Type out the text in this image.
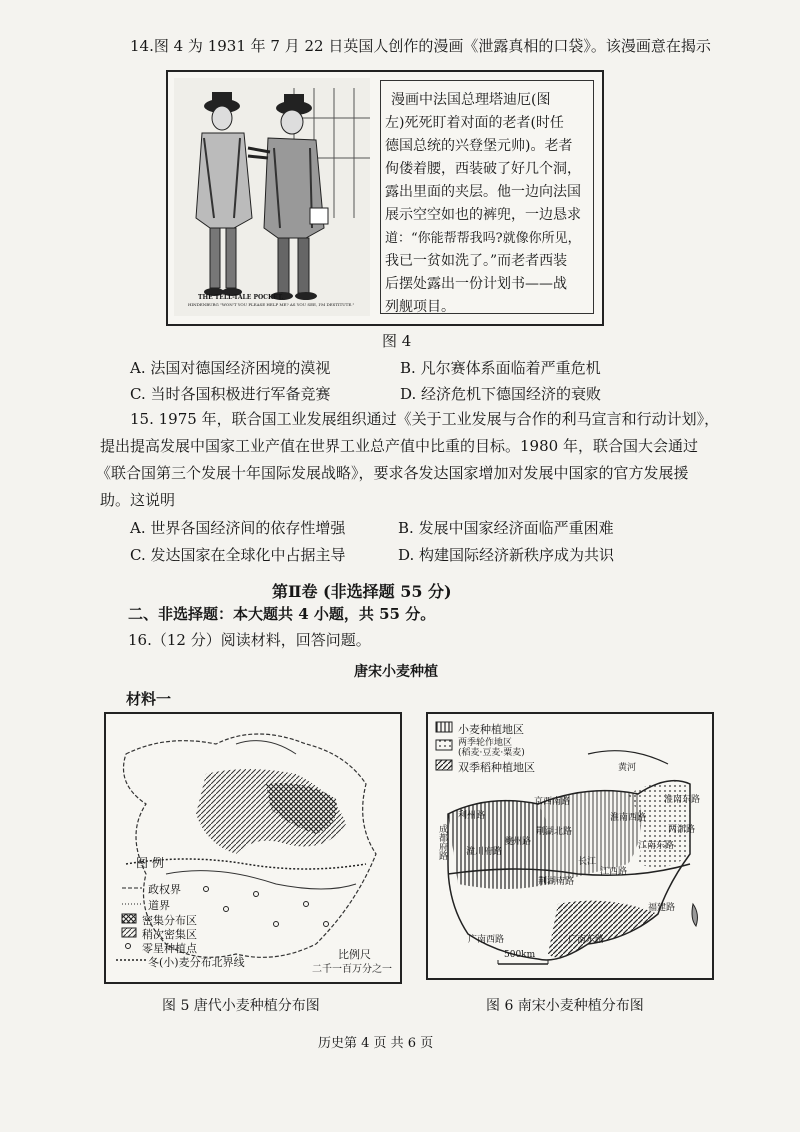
14.图 4 为 1931 年 7 月 22 日英国人创作的漫画《泄露真相的口袋》。该漫画意在揭示
THE TELL-TALE POCKET.
HINDENBURG "WON'T YOU PLEASE HELP ME? AS YOU SEE, I'M DESTITUTE."
漫画中法国总理塔迪厄(图
左)死死盯着对面的老者(时任
德国总统的兴登堡元帅)。老者
佝偻着腰，西装破了好几个洞，
露出里面的夹层。他一边向法国
展示空空如也的裤兜，一边恳求
道：“你能帮帮我吗?就像你所见，
我已一贫如洗了。”而老者西装
后摆处露出一份计划书——战
列舰项目。
图 4
A. 法国对德国经济困境的漠视	B. 凡尔赛体系面临着严重危机
C. 当时各国积极进行军备竞赛	D. 经济危机下德国经济的衰败
15. 1975 年，联合国工业发展组织通过《关于工业发展与合作的利马宣言和行动计划》，
提出提高发展中国家工业产值在世界工业总产值中比重的目标。1980 年，联合国大会通过
《联合国第三个发展十年国际发展战略》，要求各发达国家增加对发展中国家的官方发展援
助。这说明
A. 世界各国经济间的依存性增强	B. 发展中国家经济面临严重困难
C. 发达国家在全球化中占据主导	D. 构建国际经济新秩序成为共识
第Ⅱ卷 (非选择题 55 分)
二、非选择题：本大题共 4 小题，共 55 分。
16.（12 分）阅读材料，回答问题。
唐宋小麦种植
材料一
图 例
政权界
道界
密集分布区
稍次密集区
零星种植点
冬(小)麦分布北界线
比例尺
二千一百万分之一
小麦种植地区
两季轮作地区
(稻麦·豆麦·粟麦)
双季稻种植地区
淮南东路
淮南西路
利州路
成都府路 潼川府路
荆湖北路
江南东路
两浙路
江西路
荆湖南路
福建路
广南西路	广南东路
夔州路
京西南路
黄河
长江
500km
图 5 唐代小麦种植分布图	图 6 南宋小麦种植分布图
历史第 4 页 共 6 页
